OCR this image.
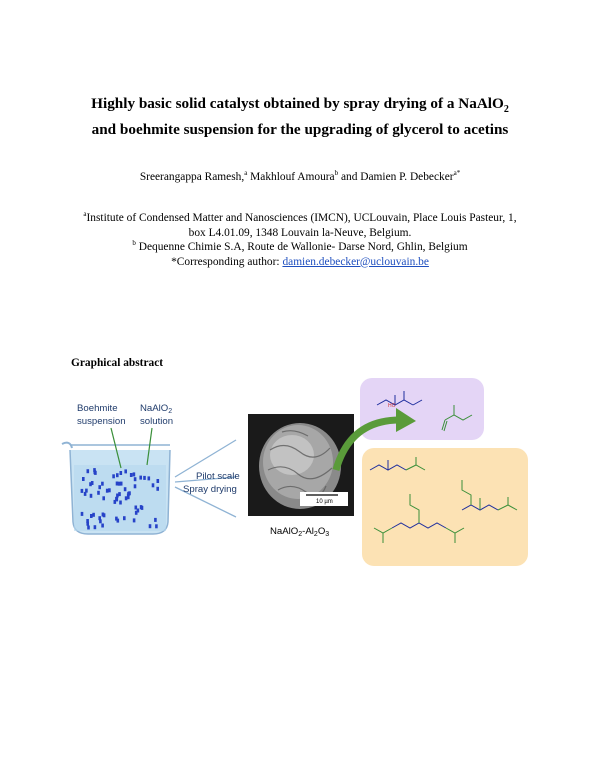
Highly basic solid catalyst obtained by spray drying of a NaAlO$_2$
and boehmite suspension for the upgrading of glycerol to acetins
Sreerangappa Ramesh,$^a$ Makhlouf Amoura$^b$ and Damien P. Debecker$^{a*}$
$^a$Institute of Condensed Matter and Nanosciences (IMCN), UCLouvain, Place Louis Pasteur, 1,
box L4.01.09, 1348 Louvain la-Neuve, Belgium.
$^b$ Dequenne Chimie S.A, Route de Wallonie- Darse Nord, Ghlin, Belgium
*Corresponding author: damien.debecker@uclouvain.be
Graphical abstract
Boehmite
suspension
NaAlO$_2$
solution
Pilot scale
Spray drying
10 µm
$NaAlO_2-Al_2O_3$
HO
